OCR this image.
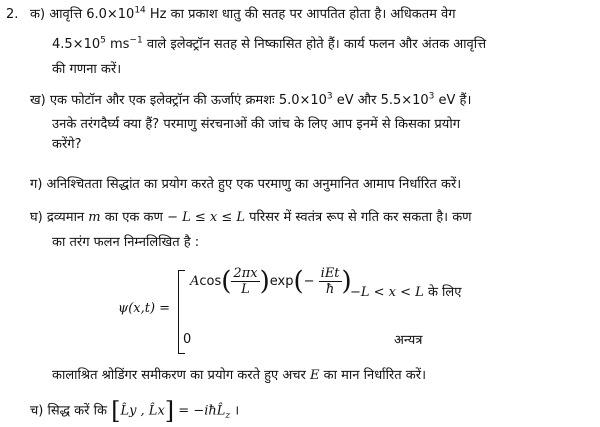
2. क) आवृत्ति $6.0\times 10^{14}$ Hz का प्रकाश धातु की सतह पर आपतित होता है। अधिकतम वेग
$4.5\times 10^5$ $ms^{-1}$ वाले इलेक्ट्रॉन सतह से निष्कासित होते हैं। कार्य फलन और अंतक आवृत्ति
की गणना करें।
ख) एक फोटॉन और एक इलेक्ट्रॉन की ऊर्जाएं क्रमशः $5.0\times 10^3$ eV और $5.5\times 10^3$ eV हैं।
उनके तरंगदैर्घ्य क्या हैं? परमाणु संरचनाओं की जांच के लिए आप इनमें से किसका प्रयोग
करेंगे?
ग) अनिश्चितता सिद्धांत का प्रयोग करते हुए एक परमाणु का अनुमानित आमाप निर्धारित करें।
घ) द्रव्यमान m का एक कण − L ≤ x ≤ L परिसर में स्वतंत्र रूप से गति कर सकता है। कण
का तरंग फलन निम्नलिखित है :
ψ(x,t) =
$Acos( \frac{2\pi x}{L} )\exp(- \frac{\text{iEt}}{ħ}$ )
−L < x < L के लिए
0	अन्यत्र
कालाश्रित श्रोडिंगर समीकरण का प्रयोग करते हुए अचर E का मान निर्धारित करें।
च) सिद्ध करें कि [L̂y , L̂x] = $-iħL̂_z$ ।
